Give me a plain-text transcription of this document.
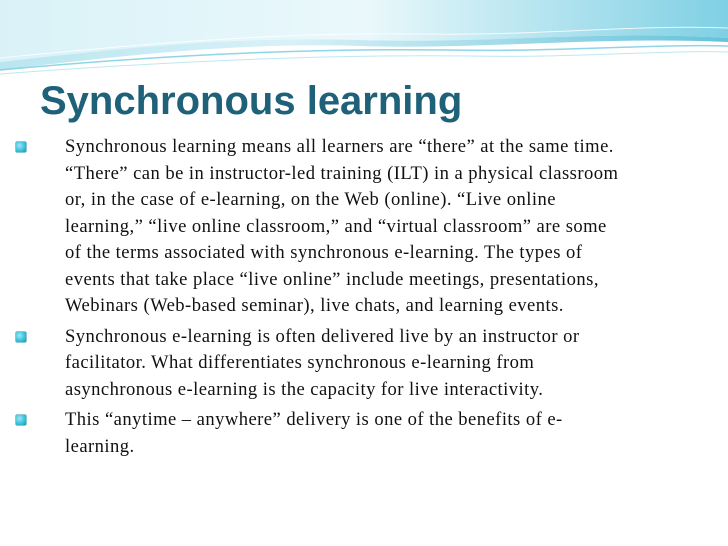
Synchronous learning
Synchronous learning means all learners are “there” at the same time.
“There” can be in instructor-led training (ILT) in a physical classroom
or, in the case of e-learning, on the Web (online). “Live online
learning,” “live online classroom,” and “virtual classroom” are some
of the terms associated with synchronous e-learning. The types of
events that take place “live online” include meetings, presentations,
Webinars (Web-based seminar), live chats, and learning events.
Synchronous e-learning is often delivered live by an instructor or
facilitator. What differentiates synchronous e-learning from
asynchronous e-learning is the capacity for live interactivity.
This “anytime – anywhere” delivery is one of the benefits of e-
learning.
